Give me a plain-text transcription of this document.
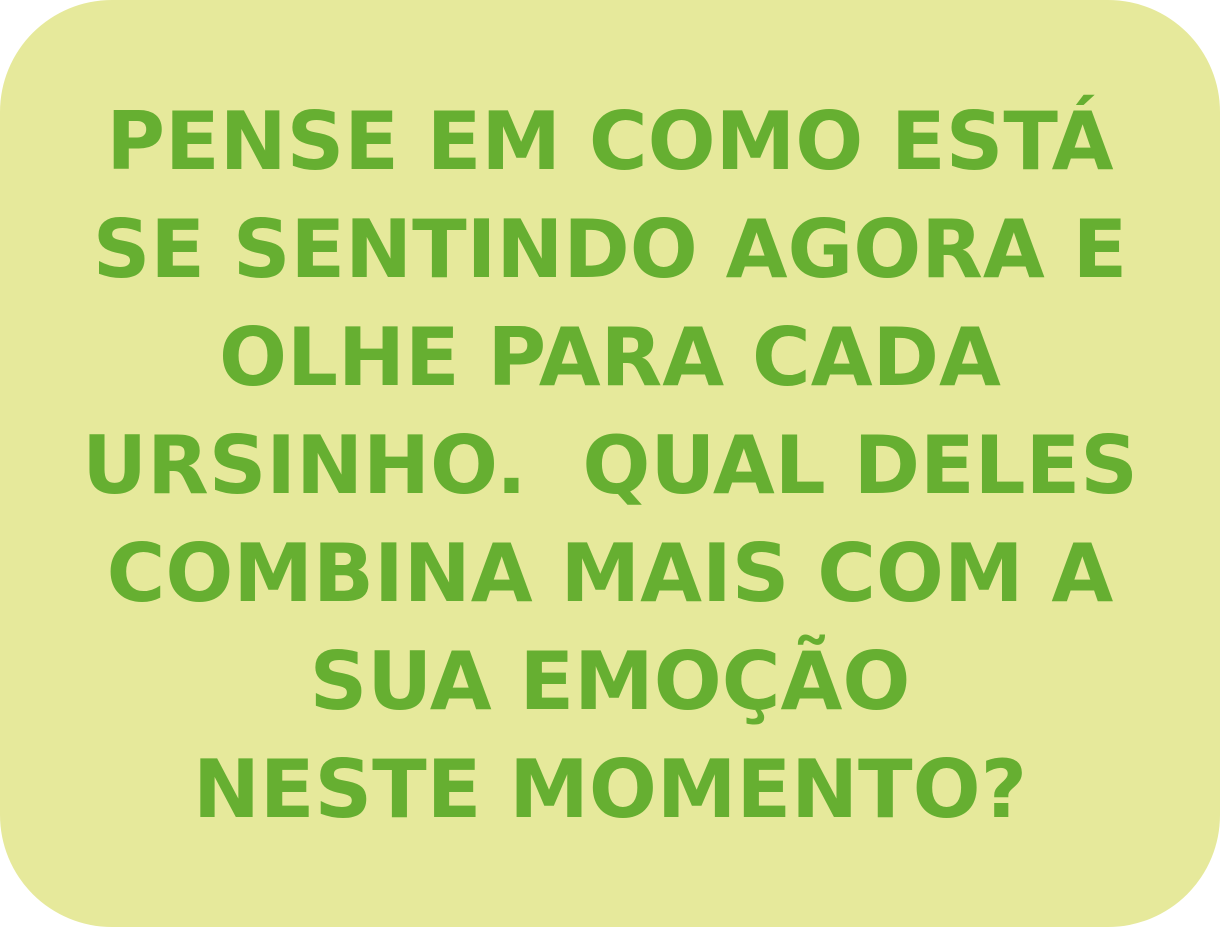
PENSE EM COMO ESTÁ
SE SENTINDO AGORA E
OLHE PARA CADA
URSINHO.  QUAL DELES
COMBINA MAIS COM A
SUA EMOÇÃO
NESTE MOMENTO?
